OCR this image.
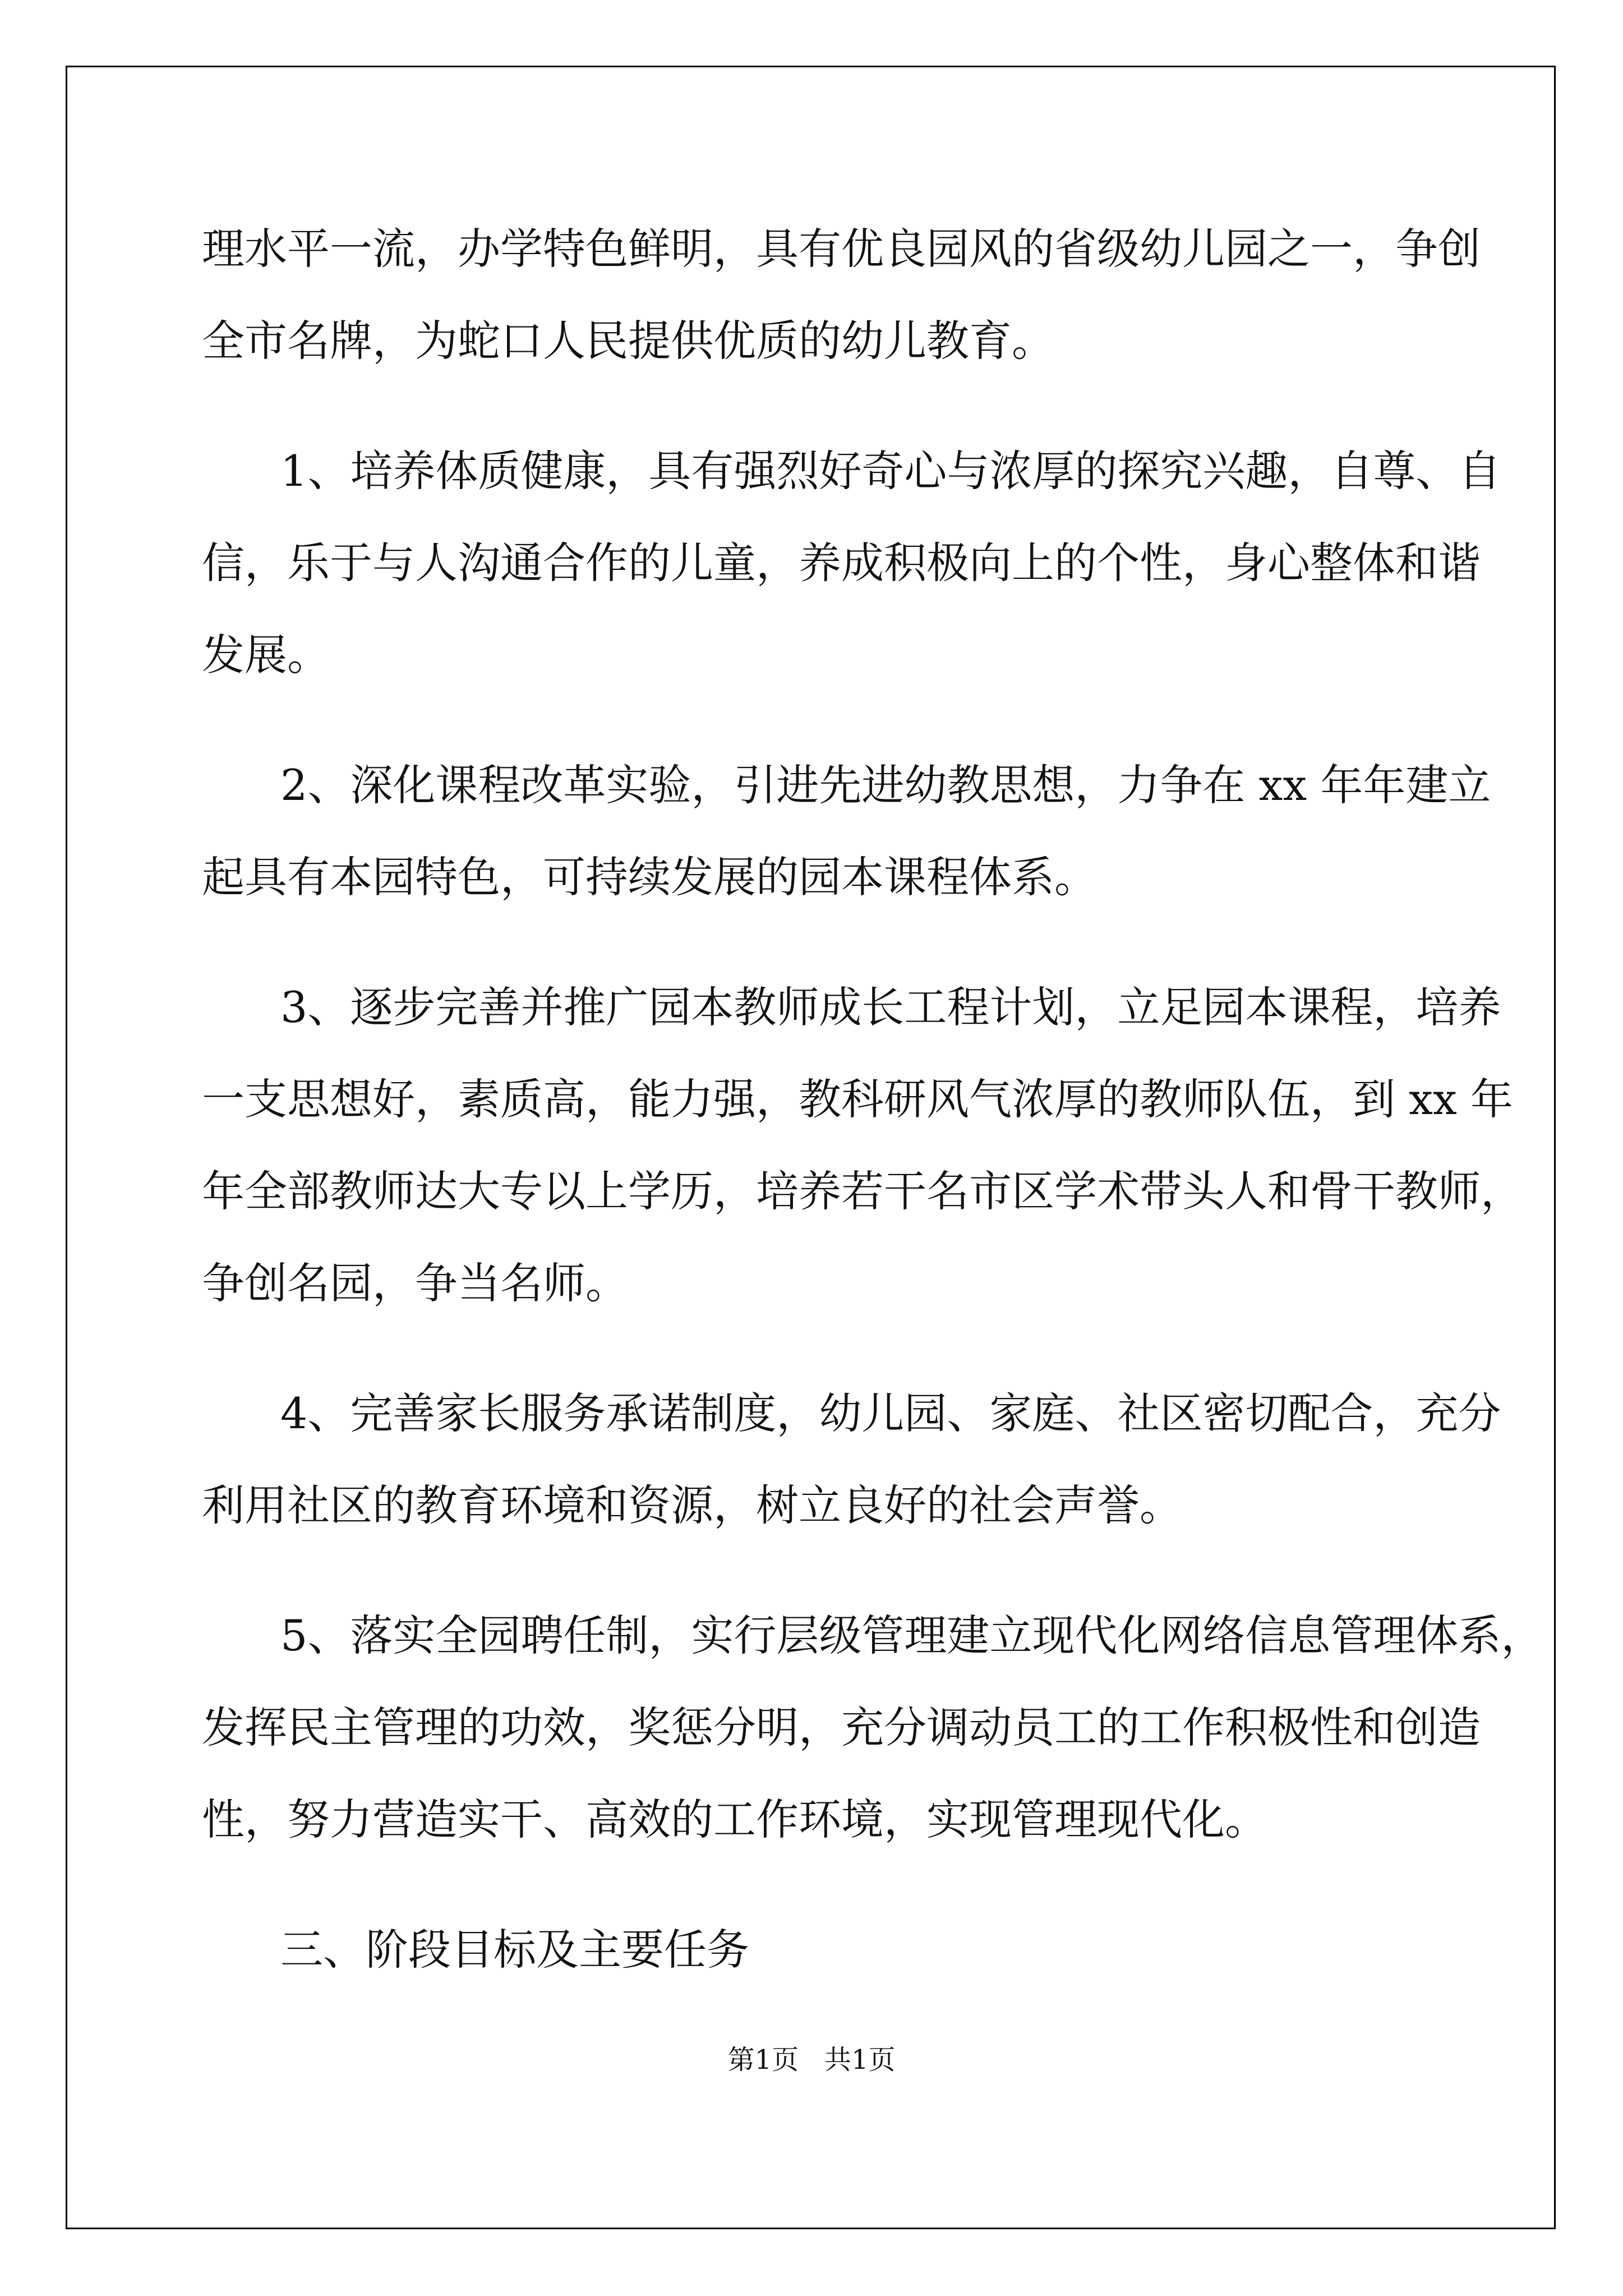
理水平一流，办学特色鲜明，具有优良园风的省级幼儿园之一，争创
全市名牌，为蛇口人民提供优质的幼儿教育。
1、培养体质健康，具有强烈好奇心与浓厚的探究兴趣，自尊、自
信，乐于与人沟通合作的儿童，养成积极向上的个性，身心整体和谐
发展。
2、深化课程改革实验，引进先进幼教思想，力争在 xx 年年建立
起具有本园特色，可持续发展的园本课程体系。
3、逐步完善并推广园本教师成长工程计划，立足园本课程，培养
一支思想好，素质高，能力强，教科研风气浓厚的教师队伍，到 xx 年
年全部教师达大专以上学历，培养若干名市区学术带头人和骨干教师，
争创名园，争当名师。
4、完善家长服务承诺制度，幼儿园、家庭、社区密切配合，充分
利用社区的教育环境和资源，树立良好的社会声誉。
5、落实全园聘任制，实行层级管理建立现代化网络信息管理体系，
发挥民主管理的功效，奖惩分明，充分调动员工的工作积极性和创造
性，努力营造实干、高效的工作环境，实现管理现代化。
三、阶段目标及主要任务
第1页   共1页
